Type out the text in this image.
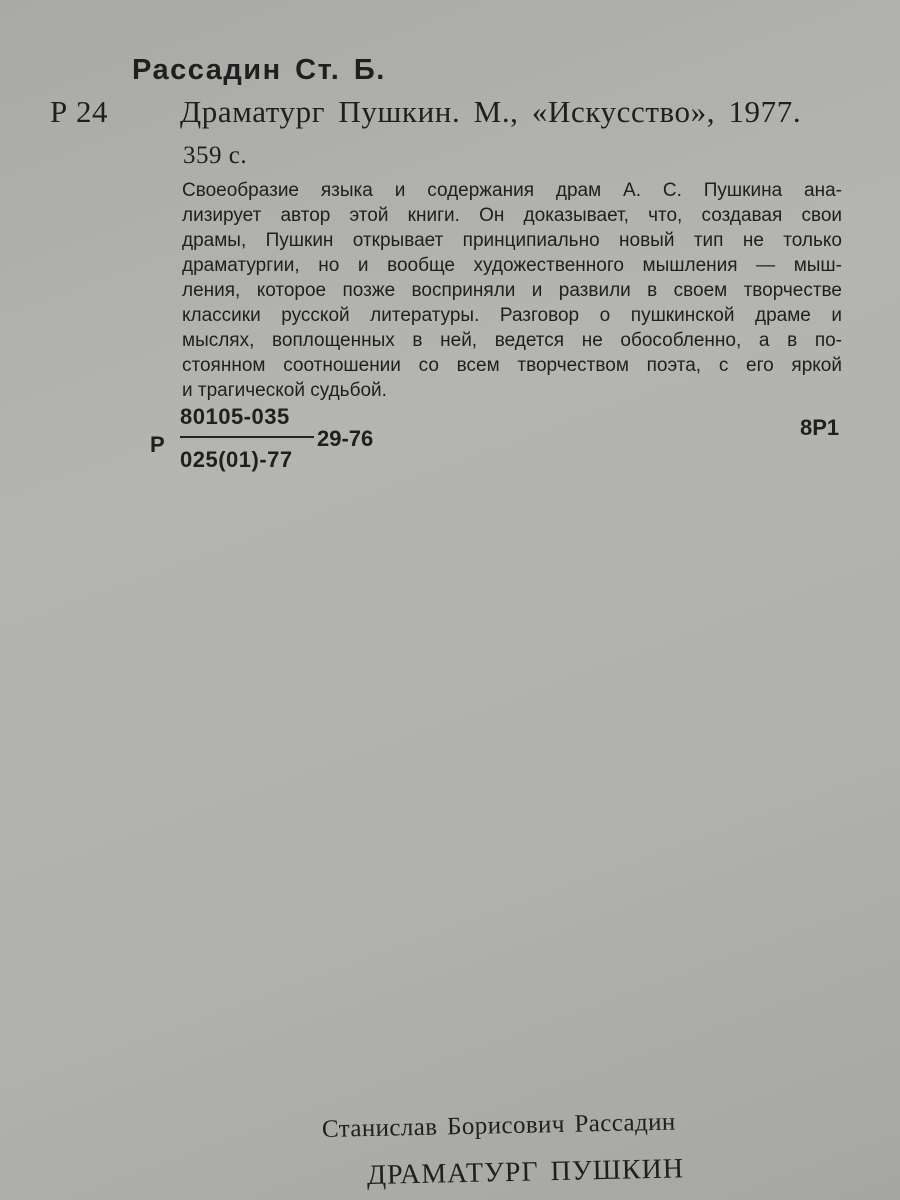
Рассадин Ст. Б.
Р 24 Драматург Пушкин. М., «Искусство», 1977.
359 с.

Своеобразие языка и содержания драм А. С. Пушкина ана-
лизирует автор этой книги. Он доказывает, что, создавая свои
драмы, Пушкин открывает принципиально новый тип не только
драматургии, но и вообще художественного мышления — мыш-
ления, которое позже восприняли и развили в своем творчестве
классики русской литературы. Разговор о пушкинской драме и
мыслях, воплощенных в ней, ведется не обособленно, а в по-
стоянном соотношении со всем творчеством поэта, с его яркой
и трагической судьбой.

Р
80105-035
025(01)-77
29-76	8Р1
Станислав Борисович Рассадин
ДРАМАТУРГ ПУШКИН
